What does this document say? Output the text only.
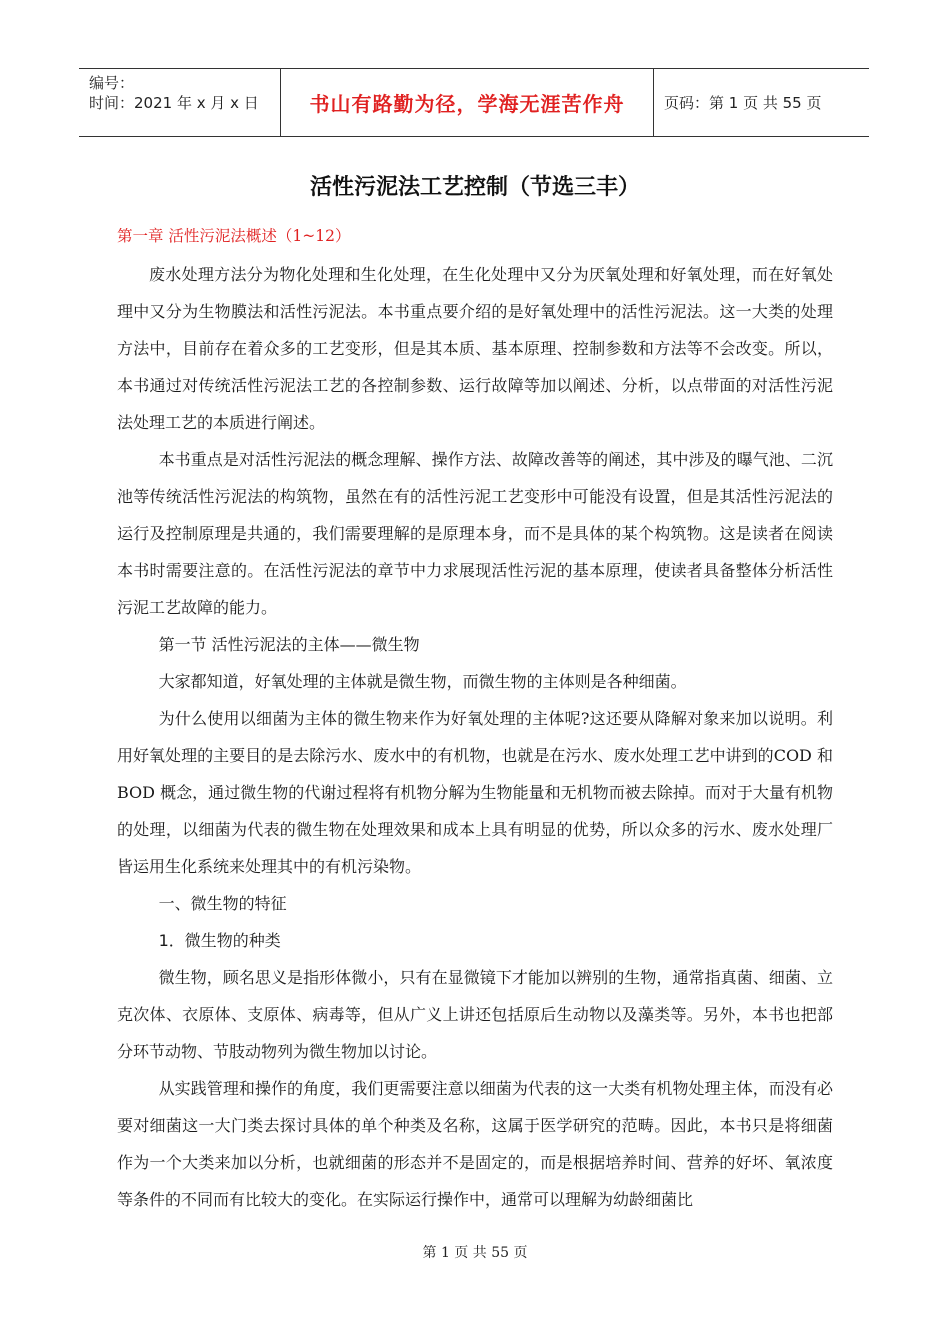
编号：
时间：2021 年 x 月 x 日	书山有路勤为径，学海无涯苦作舟	页码：第 1 页 共 55 页
活性污泥法工艺控制（节选三丰）
第一章 活性污泥法概述（1~12）

废水处理方法分为物化处理和生化处理，在生化处理中又分为厌氧处理和好氧处理，而在好氧处理中又分为生物膜法和活性污泥法。本书重点要介绍的是好氧处理中的活性污泥法。这一大类的处理方法中，目前存在着众多的工艺变形，但是其本质、基本原理、控制参数和方法等不会改变。所以，本书通过对传统活性污泥法工艺的各控制参数、运行故障等加以阐述、分析，以点带面的对活性污泥法处理工艺的本质进行阐述。

本书重点是对活性污泥法的概念理解、操作方法、故障改善等的阐述，其中涉及的曝气池、二沉池等传统活性污泥法的构筑物，虽然在有的活性污泥工艺变形中可能没有设置，但是其活性污泥法的运行及控制原理是共通的，我们需要理解的是原理本身，而不是具体的某个构筑物。这是读者在阅读本书时需要注意的。在活性污泥法的章节中力求展现活性污泥的基本原理，使读者具备整体分析活性污泥工艺故障的能力。

第一节 活性污泥法的主体——微生物

大家都知道，好氧处理的主体就是微生物，而微生物的主体则是各种细菌。

为什么使用以细菌为主体的微生物来作为好氧处理的主体呢?这还要从降解对象来加以说明。利用好氧处理的主要目的是去除污水、废水中的有机物，也就是在污水、废水处理工艺中讲到的COD 和 BOD 概念，通过微生物的代谢过程将有机物分解为生物能量和无机物而被去除掉。而对于大量有机物的处理，以细菌为代表的微生物在处理效果和成本上具有明显的优势，所以众多的污水、废水处理厂皆运用生化系统来处理其中的有机污染物。

一、微生物的特征

1．微生物的种类

微生物，顾名思义是指形体微小，只有在显微镜下才能加以辨别的生物，通常指真菌、细菌、立克次体、衣原体、支原体、病毒等，但从广义上讲还包括原后生动物以及藻类等。另外，本书也把部分环节动物、节肢动物列为微生物加以讨论。

从实践管理和操作的角度，我们更需要注意以细菌为代表的这一大类有机物处理主体，而没有必要对细菌这一大门类去探讨具体的单个种类及名称，这属于医学研究的范畴。因此，本书只是将细菌作为一个大类来加以分析，也就细菌的形态并不是固定的，而是根据培养时间、营养的好坏、氧浓度等条件的不同而有比较大的变化。在实际运行操作中，通常可以理解为幼龄细菌比

第 1 页 共 55 页
